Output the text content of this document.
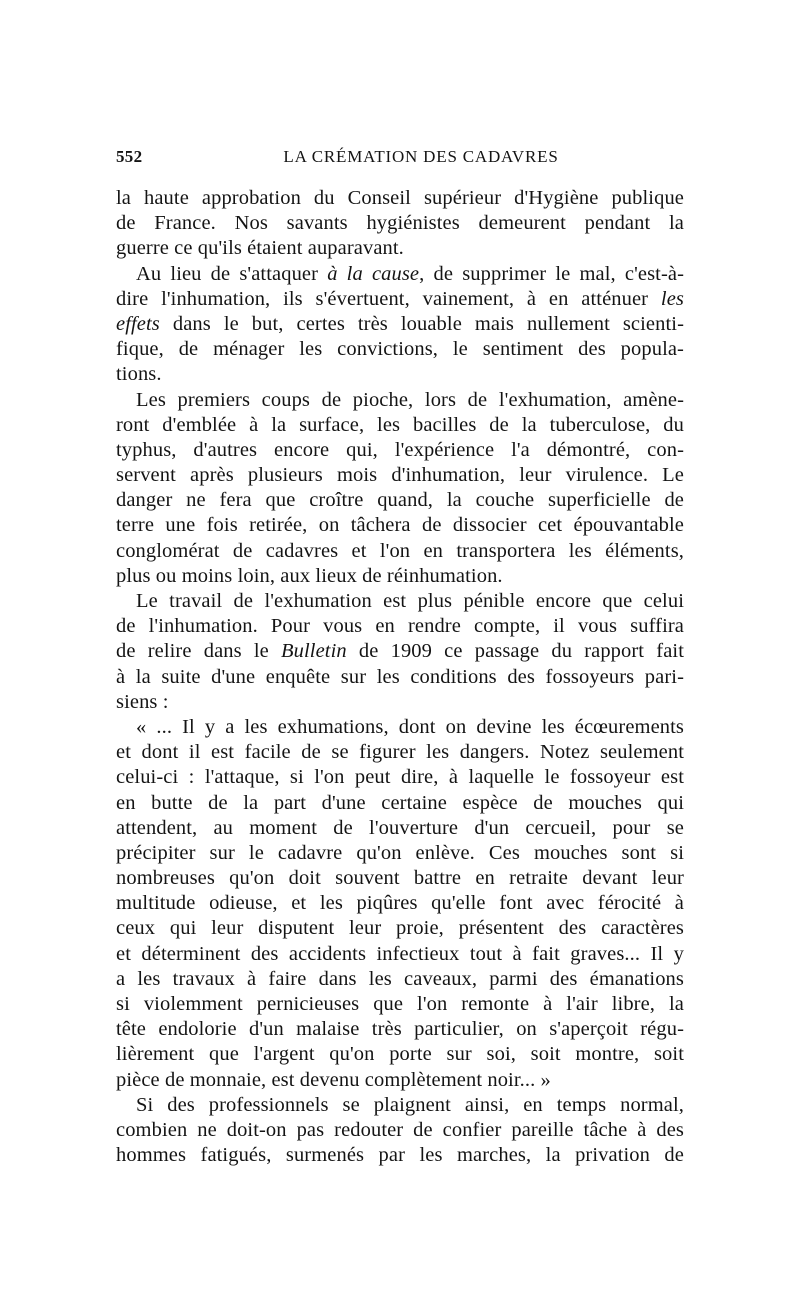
552	LA CRÉMATION DES CADAVRES
la haute approbation du Conseil supérieur d'Hygiène publique
de France. Nos savants hygiénistes demeurent pendant la
guerre ce qu'ils étaient auparavant.
Au lieu de s'attaquer à la cause, de supprimer le mal, c'est-à-
dire l'inhumation, ils s'évertuent, vainement, à en atténuer les
effets dans le but, certes très louable mais nullement scienti-
fique, de ménager les convictions, le sentiment des popula-
tions.
Les premiers coups de pioche, lors de l'exhumation, amène-
ront d'emblée à la surface, les bacilles de la tuberculose, du
typhus, d'autres encore qui, l'expérience l'a démontré, con-
servent après plusieurs mois d'inhumation, leur virulence. Le
danger ne fera que croître quand, la couche superficielle de
terre une fois retirée, on tâchera de dissocier cet épouvantable
conglomérat de cadavres et l'on en transportera les éléments,
plus ou moins loin, aux lieux de réinhumation.
Le travail de l'exhumation est plus pénible encore que celui
de l'inhumation. Pour vous en rendre compte, il vous suffira
de relire dans le Bulletin de 1909 ce passage du rapport fait
à la suite d'une enquête sur les conditions des fossoyeurs pari-
siens :
« ... Il y a les exhumations, dont on devine les écœurements
et dont il est facile de se figurer les dangers. Notez seulement
celui-ci : l'attaque, si l'on peut dire, à laquelle le fossoyeur est
en butte de la part d'une certaine espèce de mouches qui
attendent, au moment de l'ouverture d'un cercueil, pour se
précipiter sur le cadavre qu'on enlève. Ces mouches sont si
nombreuses qu'on doit souvent battre en retraite devant leur
multitude odieuse, et les piqûres qu'elle font avec férocité à
ceux qui leur disputent leur proie, présentent des caractères
et déterminent des accidents infectieux tout à fait graves... Il y
a les travaux à faire dans les caveaux, parmi des émanations
si violemment pernicieuses que l'on remonte à l'air libre, la
tête endolorie d'un malaise très particulier, on s'aperçoit régu-
lièrement que l'argent qu'on porte sur soi, soit montre, soit
pièce de monnaie, est devenu complètement noir... »
Si des professionnels se plaignent ainsi, en temps normal,
combien ne doit-on pas redouter de confier pareille tâche à des
hommes fatigués, surmenés par les marches, la privation de
